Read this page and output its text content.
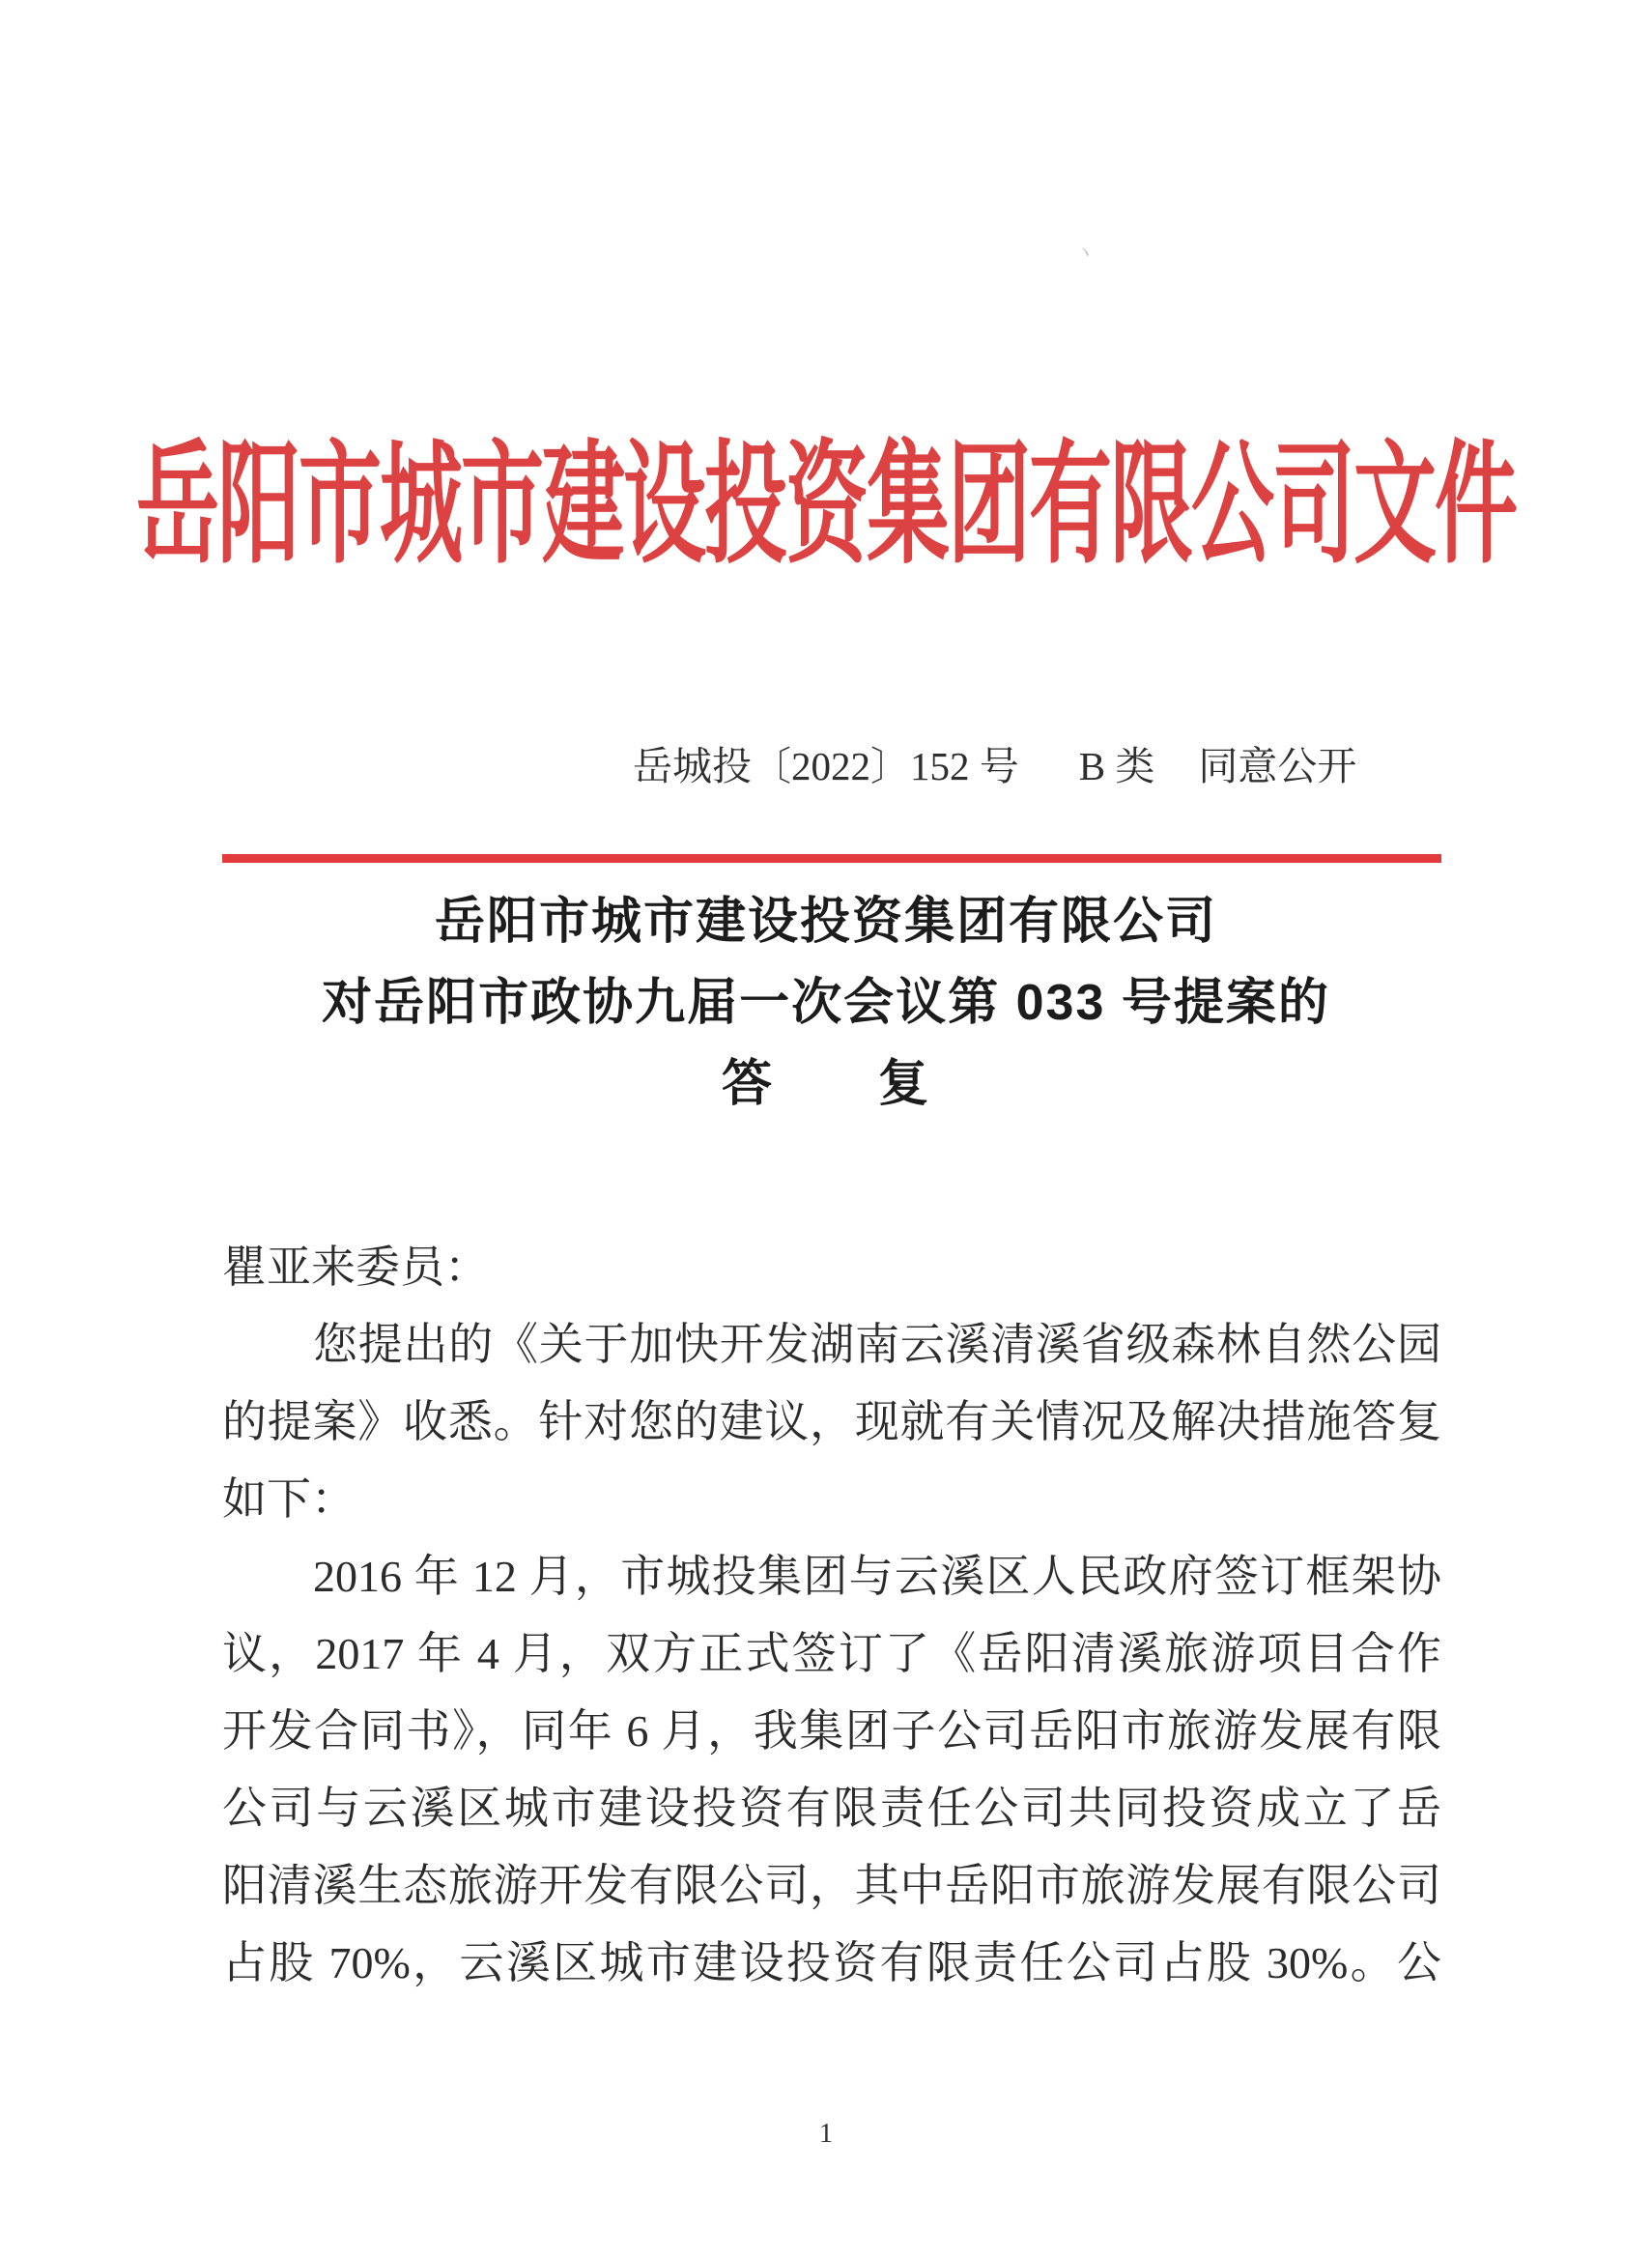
ヽ
岳阳市城市建设投资集团有限公司文件
岳城投〔2022〕152 号 B 类 同意公开
岳阳市城市建设投资集团有限公司
对岳阳市政协九届一次会议第 033 号提案的
答　　复
瞿亚来委员：
您提出的《关于加快开发湖南云溪清溪省级森林自然公园
的提案》收悉。针对您的建议，现就有关情况及解决措施答复
如下：
2016 年 12 月，市城投集团与云溪区人民政府签订框架协
议，2017 年 4 月，双方正式签订了《岳阳清溪旅游项目合作
开发合同书》，同年 6 月，我集团子公司岳阳市旅游发展有限
公司与云溪区城市建设投资有限责任公司共同投资成立了岳
阳清溪生态旅游开发有限公司，其中岳阳市旅游发展有限公司
占股 70%，云溪区城市建设投资有限责任公司占股 30%。公
1
